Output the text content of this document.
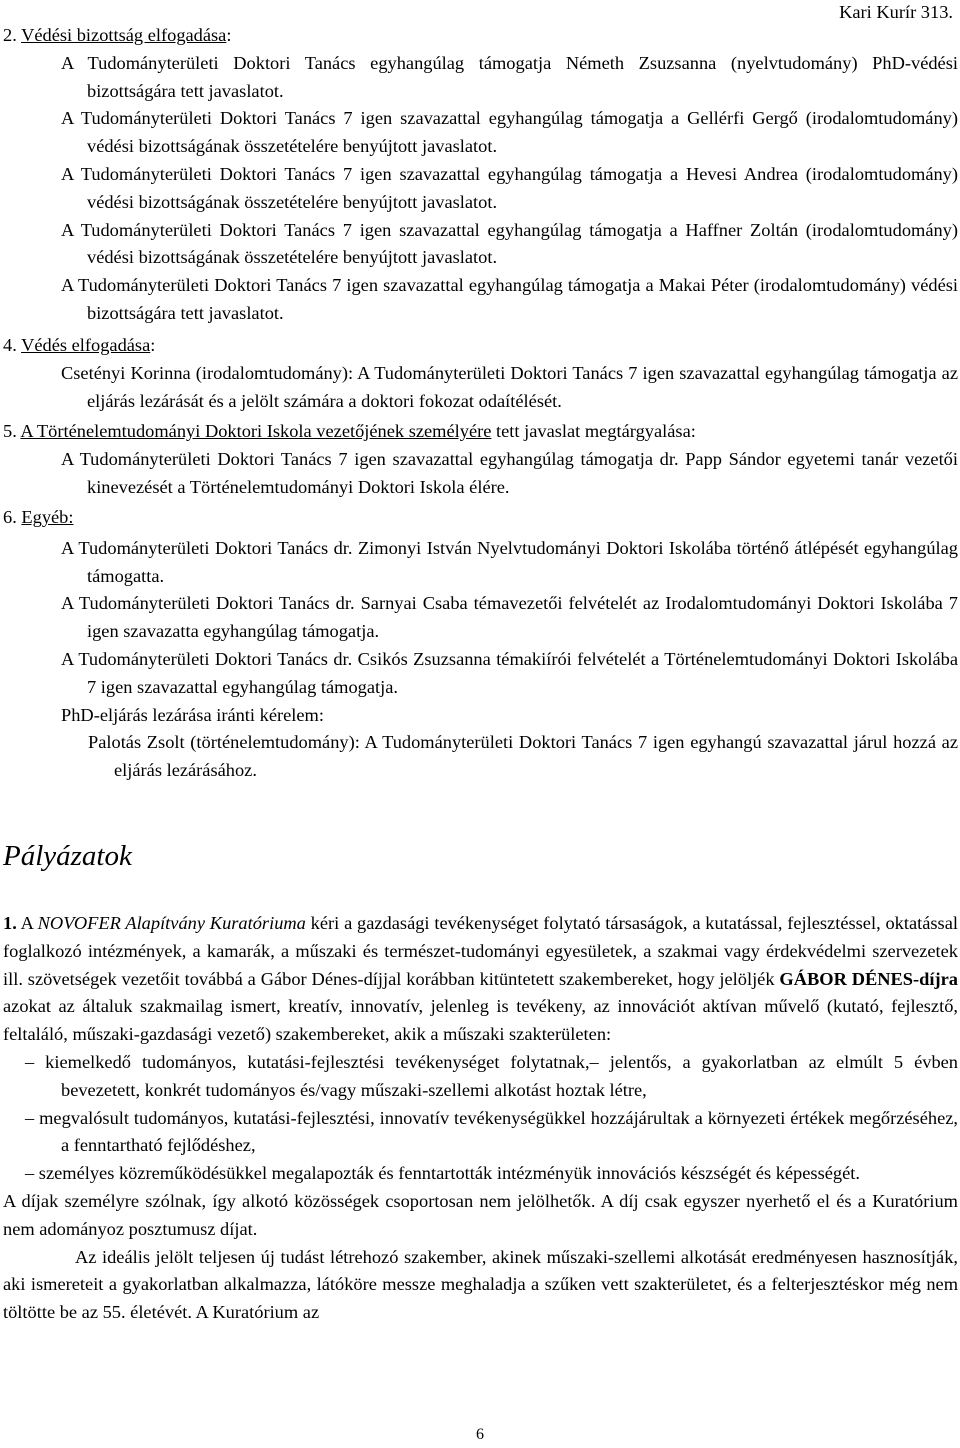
Kari Kurír 313.

2. Védési bizottság elfogadása:

A Tudományterületi Doktori Tanács egyhangúlag támogatja Németh Zsuzsanna (nyelvtudomány) PhD-védési bizottságára tett javaslatot.

A Tudományterületi Doktori Tanács 7 igen szavazattal egyhangúlag támogatja a Gellérfi Gergő (irodalomtudomány) védési bizottságának összetételére benyújtott javaslatot.

A Tudományterületi Doktori Tanács 7 igen szavazattal egyhangúlag támogatja a Hevesi Andrea (irodalomtudomány) védési bizottságának összetételére benyújtott javaslatot.

A Tudományterületi Doktori Tanács 7 igen szavazattal egyhangúlag támogatja a Haffner Zoltán (irodalomtudomány) védési bizottságának összetételére benyújtott javaslatot.

A Tudományterületi Doktori Tanács 7 igen szavazattal egyhangúlag támogatja a Makai Péter (irodalomtudomány) védési bizottságára tett javaslatot.

4. Védés elfogadása:

Csetényi Korinna (irodalomtudomány): A Tudományterületi Doktori Tanács 7 igen szavazattal egyhangúlag támogatja az eljárás lezárását és a jelölt számára a doktori fokozat odaítélését.

5. A Történelemtudományi Doktori Iskola vezetőjének személyére tett javaslat megtárgyalása:

A Tudományterületi Doktori Tanács 7 igen szavazattal egyhangúlag támogatja dr. Papp Sándor egyetemi tanár vezetői kinevezését a Történelemtudományi Doktori Iskola élére.

6. Egyéb:

A Tudományterületi Doktori Tanács dr. Zimonyi István Nyelvtudományi Doktori Iskolába történő átlépését egyhangúlag támogatta.

A Tudományterületi Doktori Tanács dr. Sarnyai Csaba témavezetői felvételét az Irodalomtudományi Doktori Iskolába 7 igen szavazatta egyhangúlag támogatja.

A Tudományterületi Doktori Tanács dr. Csikós Zsuzsanna témakiírói felvételét a Történelemtudományi Doktori Iskolába 7 igen szavazattal egyhangúlag támogatja.

PhD-eljárás lezárása iránti kérelem:

Palotás Zsolt (történelemtudomány): A Tudományterületi Doktori Tanács 7 igen egyhangú szavazattal járul hozzá az eljárás lezárásához.

Pályázatok

1. A NOVOFER Alapítvány Kuratóriuma kéri a gazdasági tevékenységet folytató társaságok, a kutatással, fejlesztéssel, oktatással foglalkozó intézmények, a kamarák, a műszaki és természet-tudományi egyesületek, a szakmai vagy érdekvédelmi szervezetek ill. szövetségek vezetőit továbbá a Gábor Dénes-díjjal korábban kitüntetett szakembereket, hogy jelöljék GÁBOR DÉNES-díjra azokat az általuk szakmailag ismert, kreatív, innovatív, jelenleg is tevékeny, az innovációt aktívan művelő (kutató, fejlesztő, feltaláló, műszaki-gazdasági vezető) szakembereket, akik a műszaki szakterületen:

– kiemelkedő tudományos, kutatási-fejlesztési tevékenységet folytatnak,– jelentős, a gyakorlatban az elmúlt 5 évben bevezetett, konkrét tudományos és/vagy műszaki-szellemi alkotást hoztak létre,

– megvalósult tudományos, kutatási-fejlesztési, innovatív tevékenységükkel hozzájárultak a környezeti értékek megőrzéséhez, a fenntartható fejlődéshez,

– személyes közreműködésükkel megalapozták és fenntartották intézményük innovációs készségét és képességét.

A díjak személyre szólnak, így alkotó közösségek csoportosan nem jelölhetők. A díj csak egyszer nyerhető el és a Kuratórium nem adományoz posztumusz díjat.

Az ideális jelölt teljesen új tudást létrehozó szakember, akinek műszaki-szellemi alkotását eredményesen hasznosítják, aki ismereteit a gyakorlatban alkalmazza, látóköre messze meghaladja a szűken vett szakterületet, és a felterjesztéskor még nem töltötte be az 55. életévét. A Kuratórium az

6
